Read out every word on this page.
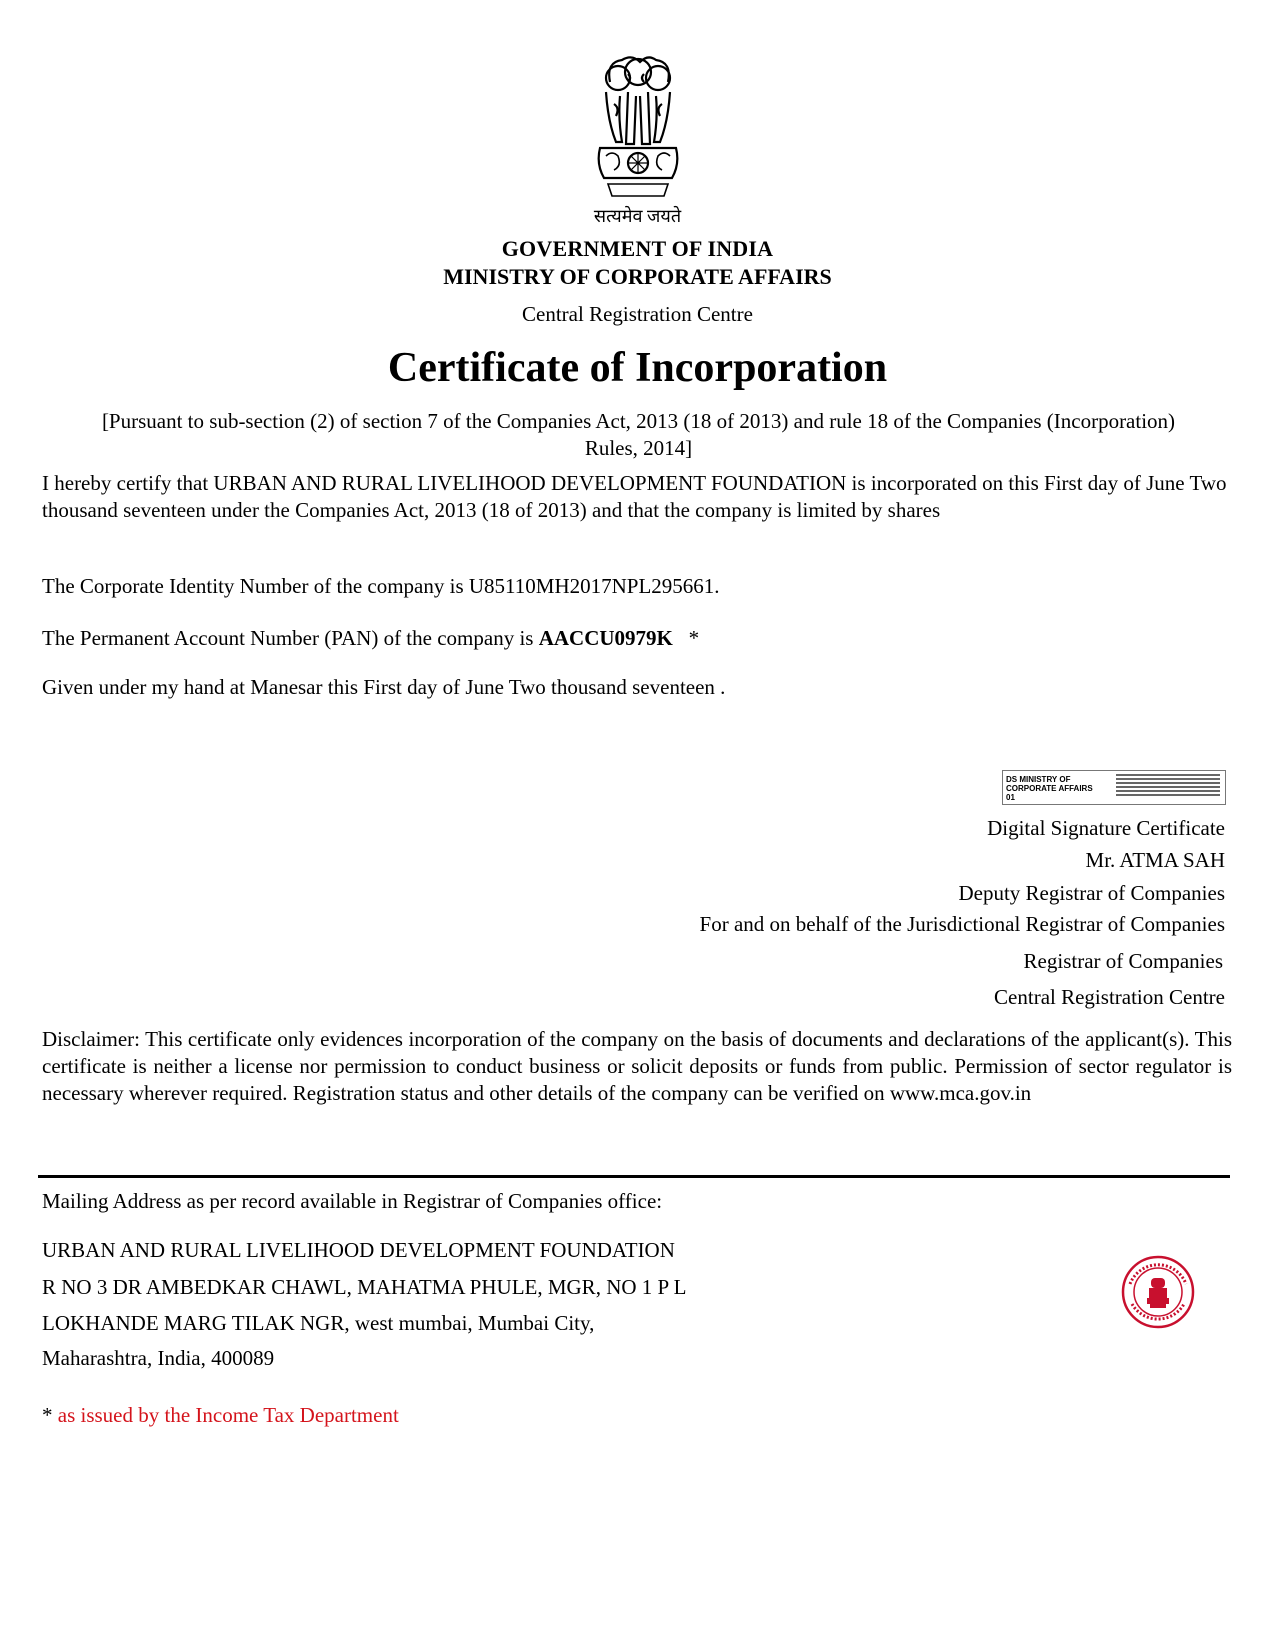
सत्यमेव जयते
GOVERNMENT OF INDIA
MINISTRY OF CORPORATE AFFAIRS
Central Registration Centre
Certificate of Incorporation
[Pursuant to sub-section (2) of section 7 of the Companies Act, 2013 (18 of 2013) and rule 18 of the Companies (Incorporation) Rules, 2014]
I hereby certify that URBAN AND RURAL LIVELIHOOD DEVELOPMENT FOUNDATION is incorporated on this First day of June Two thousand seventeen under the Companies Act, 2013 (18 of 2013) and that the company is limited by shares
The Corporate Identity Number of the company is U85110MH2017NPL295661.
The Permanent Account Number (PAN) of the company is AACCU0979K *
Given under my hand at Manesar this First day of June Two thousand seventeen .
DS MINISTRY OF CORPORATE AFFAIRS 01
Digital Signature Certificate
Mr. ATMA SAH
Deputy Registrar of Companies
For and on behalf of the Jurisdictional Registrar of Companies
Registrar of Companies
Central Registration Centre
Disclaimer: This certificate only evidences incorporation of the company on the basis of documents and declarations of the applicant(s). This certificate is neither a license nor permission to conduct business or solicit deposits or funds from public. Permission of sector regulator is necessary wherever required. Registration status and other details of the company can be verified on www.mca.gov.in
Mailing Address as per record available in Registrar of Companies office:
URBAN AND RURAL LIVELIHOOD DEVELOPMENT FOUNDATION
R NO 3 DR AMBEDKAR CHAWL, MAHATMA PHULE, MGR, NO 1 P L
LOKHANDE MARG TILAK NGR, west mumbai, Mumbai City,
Maharashtra, India, 400089
* as issued by the Income Tax Department
